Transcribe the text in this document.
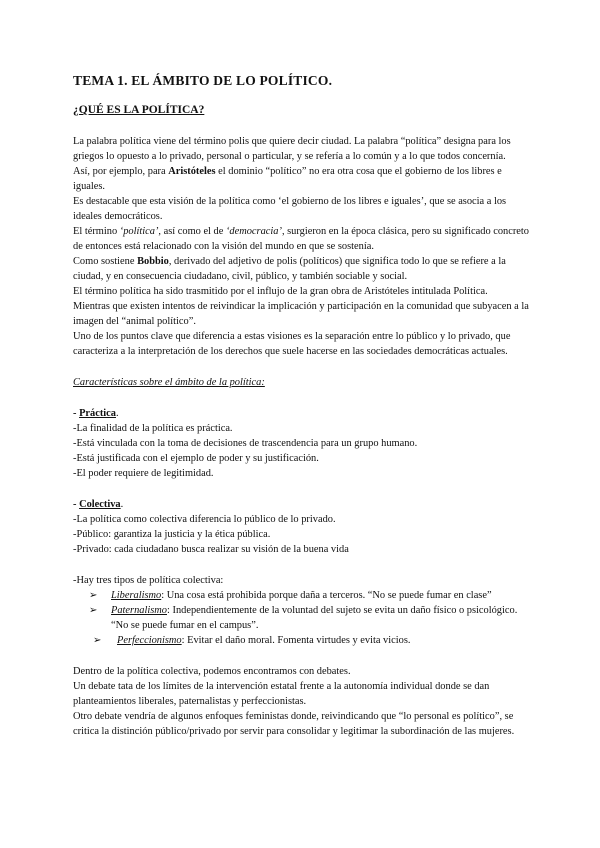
TEMA 1. EL ÁMBITO DE LO POLÍTICO.
¿QUÉ ES LA POLÍTICA?

La palabra política viene del término polis que quiere decir ciudad. La palabra “política” designa para los griegos lo opuesto a lo privado, personal o particular, y se refería a lo común y a lo que todos concernía.

Así, por ejemplo, para Aristóteles el dominio “político” no era otra cosa que el gobierno de los libres e iguales.

Es destacable que esta visión de la política como ‘el gobierno de los libres e iguales’, que se asocia a los ideales democráticos.

El término ‘política’, así como el de ‘democracia’, surgieron en la época clásica, pero su significado concreto de entonces está relacionado con la visión del mundo en que se sostenía.

Como sostiene Bobbio, derivado del adjetivo de polis (políticos) que significa todo lo que se refiere a la ciudad, y en consecuencia ciudadano, civil, público, y también sociable y social.

El término política ha sido trasmitido por el influjo de la gran obra de Aristóteles intitulada Política.

Mientras que existen intentos de reivindicar la implicación y participación en la comunidad que subyacen a la imagen del “animal político”.

Uno de los puntos clave que diferencia a estas visiones es la separación entre lo público y lo privado, que caracteriza a la interpretación de los derechos que suele hacerse en las sociedades democráticas actuales.

Características sobre el ámbito de la política:

- Práctica.

-La finalidad de la política es práctica.

-Está vinculada con la toma de decisiones de trascendencia para un grupo humano.

-Está justificada con el ejemplo de poder y su justificación.

-El poder requiere de legitimidad.

- Colectiva.

-La política como colectiva diferencia lo público de lo privado.

-Público: garantiza la justicia y la ética pública.

-Privado: cada ciudadano busca realizar su visión de la buena vida

-Hay tres tipos de política colectiva:

➢ Liberalismo: Una cosa está prohibida porque daña a terceros. “No se puede fumar en clase”
➢ Paternalismo: Independientemente de la voluntad del sujeto se evita un daño físico o psicológico. “No se puede fumar en el campus”.
➢ Perfeccionismo: Evitar el daño moral. Fomenta virtudes y evita vicios.

Dentro de la política colectiva, podemos encontramos con debates.

Un debate tata de los límites de la intervención estatal frente a la autonomía individual donde se dan planteamientos liberales, paternalistas y perfeccionistas.

Otro debate vendría de algunos enfoques feministas donde, reivindicando que “lo personal es político”, se critica la distinción público/privado por servir para consolidar y legitimar la subordinación de las mujeres.
